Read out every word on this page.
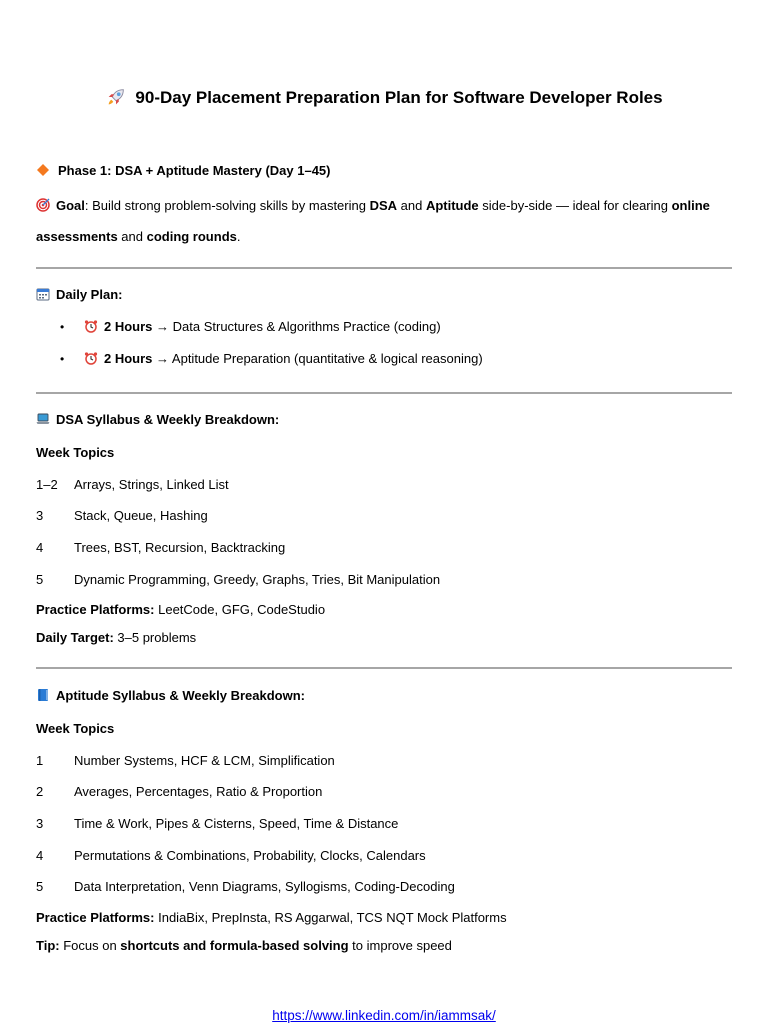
90-Day Placement Preparation Plan for Software Developer Roles
Phase 1: DSA + Aptitude Mastery (Day 1–45)
Goal: Build strong problem-solving skills by mastering DSA and Aptitude side-by-side — ideal for clearing online
assessments and coding rounds.
Daily Plan:
•	2 Hours → Data Structures & Algorithms Practice (coding)
•	2 Hours → Aptitude Preparation (quantitative & logical reasoning)
DSA Syllabus & Weekly Breakdown:
Week Topics
1–2 Arrays, Strings, Linked List
3 Stack, Queue, Hashing
4 Trees, BST, Recursion, Backtracking
5 Dynamic Programming, Greedy, Graphs, Tries, Bit Manipulation
Practice Platforms: LeetCode, GFG, CodeStudio
Daily Target: 3–5 problems
Aptitude Syllabus & Weekly Breakdown:
Week Topics
1 Number Systems, HCF & LCM, Simplification
2 Averages, Percentages, Ratio & Proportion
3 Time & Work, Pipes & Cisterns, Speed, Time & Distance
4 Permutations & Combinations, Probability, Clocks, Calendars
5 Data Interpretation, Venn Diagrams, Syllogisms, Coding-Decoding
Practice Platforms: IndiaBix, PrepInsta, RS Aggarwal, TCS NQT Mock Platforms
Tip: Focus on shortcuts and formula-based solving to improve speed
https://www.linkedin.com/in/iammsak/
